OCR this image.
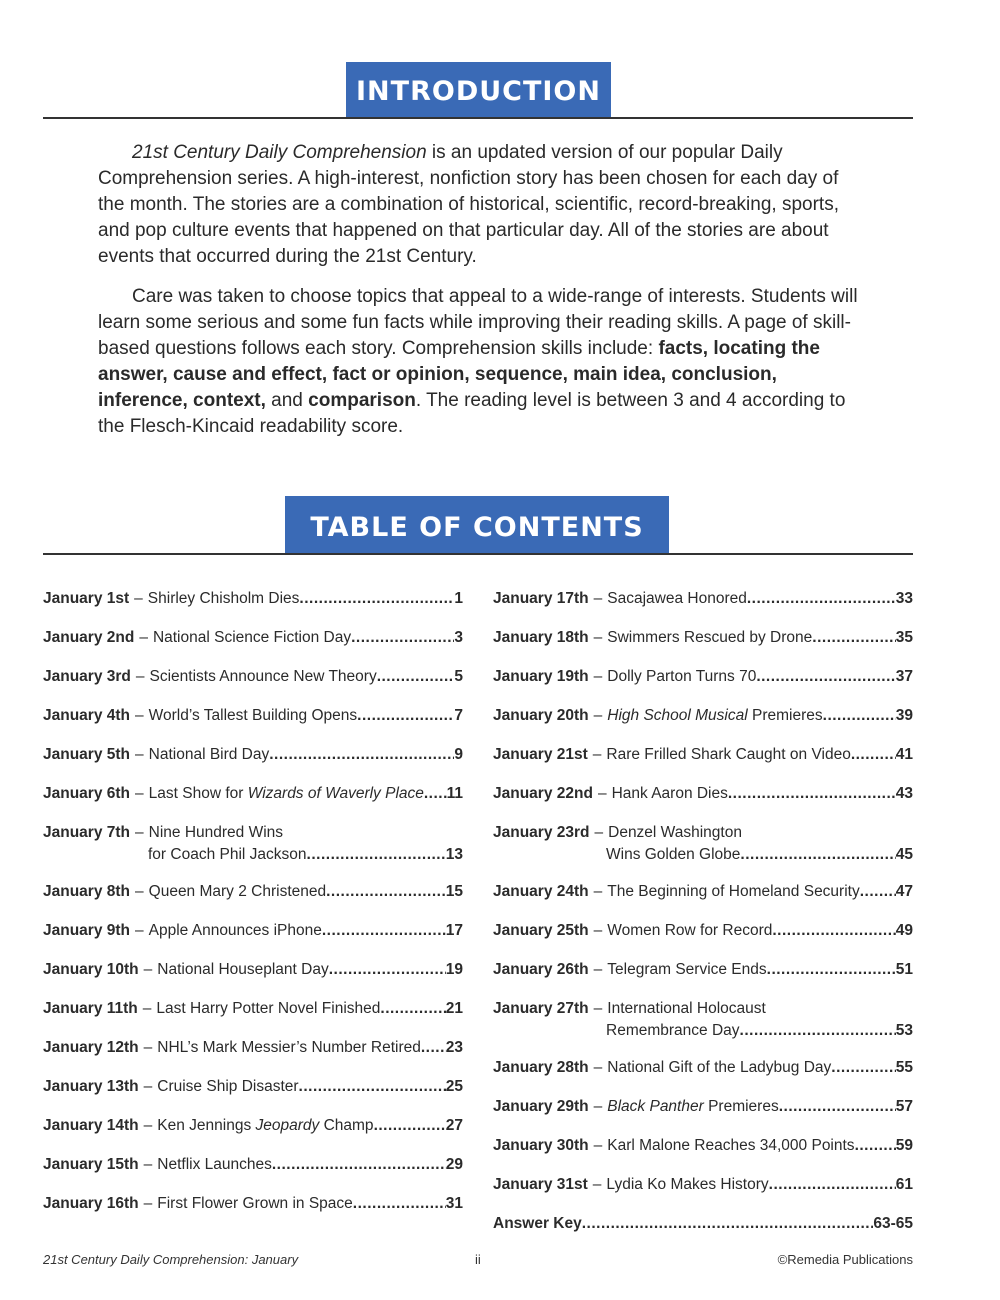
INTRODUCTION

21st Century Daily Comprehension is an updated version of our popular Daily Comprehension series. A high-interest, nonfiction story has been chosen for each day of the month. The stories are a combination of historical, scientific, record-breaking, sports, and pop culture events that happened on that particular day. All of the stories are about events that occurred during the 21st Century.

Care was taken to choose topics that appeal to a wide-range of interests. Students will learn some serious and some fun facts while improving their reading skills. A page of skill-based questions follows each story. Comprehension skills include: facts, locating the answer, cause and effect, fact or opinion, sequence, main idea, conclusion, inference, context, and comparison. The reading level is between 3 and 4 according to the Flesch-Kincaid readability score.

TABLE OF CONTENTS
January 1st – Shirley Chisholm Dies .....	1
January 2nd – National Science Fiction Day .....	3
January 3rd – Scientists Announce New Theory .....	5
January 4th – World’s Tallest Building Opens .....	7
January 5th – National Bird Day .....	9
January 6th – Last Show for Wizards of Waverly Place ..... 11
January 7th – Nine Hundred Wins
for Coach Phil Jackson .....	13
January 8th – Queen Mary 2 Christened .....	15
January 9th – Apple Announces iPhone .....	17
January 10th – National Houseplant Day .....	19
January 11th – Last Harry Potter Novel Finished .....	21
January 12th – NHL’s Mark Messier’s Number Retired ..... 23
January 13th – Cruise Ship Disaster .....	25
January 14th – Ken Jennings Jeopardy Champ .....	27
January 15th – Netflix Launches .....	29
January 16th – First Flower Grown in Space .....	31
January 17th – Sacajawea Honored .....	33
January 18th – Swimmers Rescued by Drone .....	35
January 19th – Dolly Parton Turns 70 .....	37
January 20th – High School Musical Premieres .....	39
January 21st – Rare Frilled Shark Caught on Video .....	41
January 22nd – Hank Aaron Dies .....	43
January 23rd – Denzel Washington
Wins Golden Globe .....	45
January 24th – The Beginning of Homeland Security ..... 47
January 25th – Women Row for Record .....	49
January 26th – Telegram Service Ends .....	51
January 27th – International Holocaust
Remembrance Day .....	53
January 28th – National Gift of the Ladybug Day .....	55
January 29th – Black Panther Premieres .....	57
January 30th – Karl Malone Reaches 34,000 Points .....	59
January 31st – Lydia Ko Makes History .....	61
Answer Key .....	63-65
21st Century Daily Comprehension: January	ii	©Remedia Publications
